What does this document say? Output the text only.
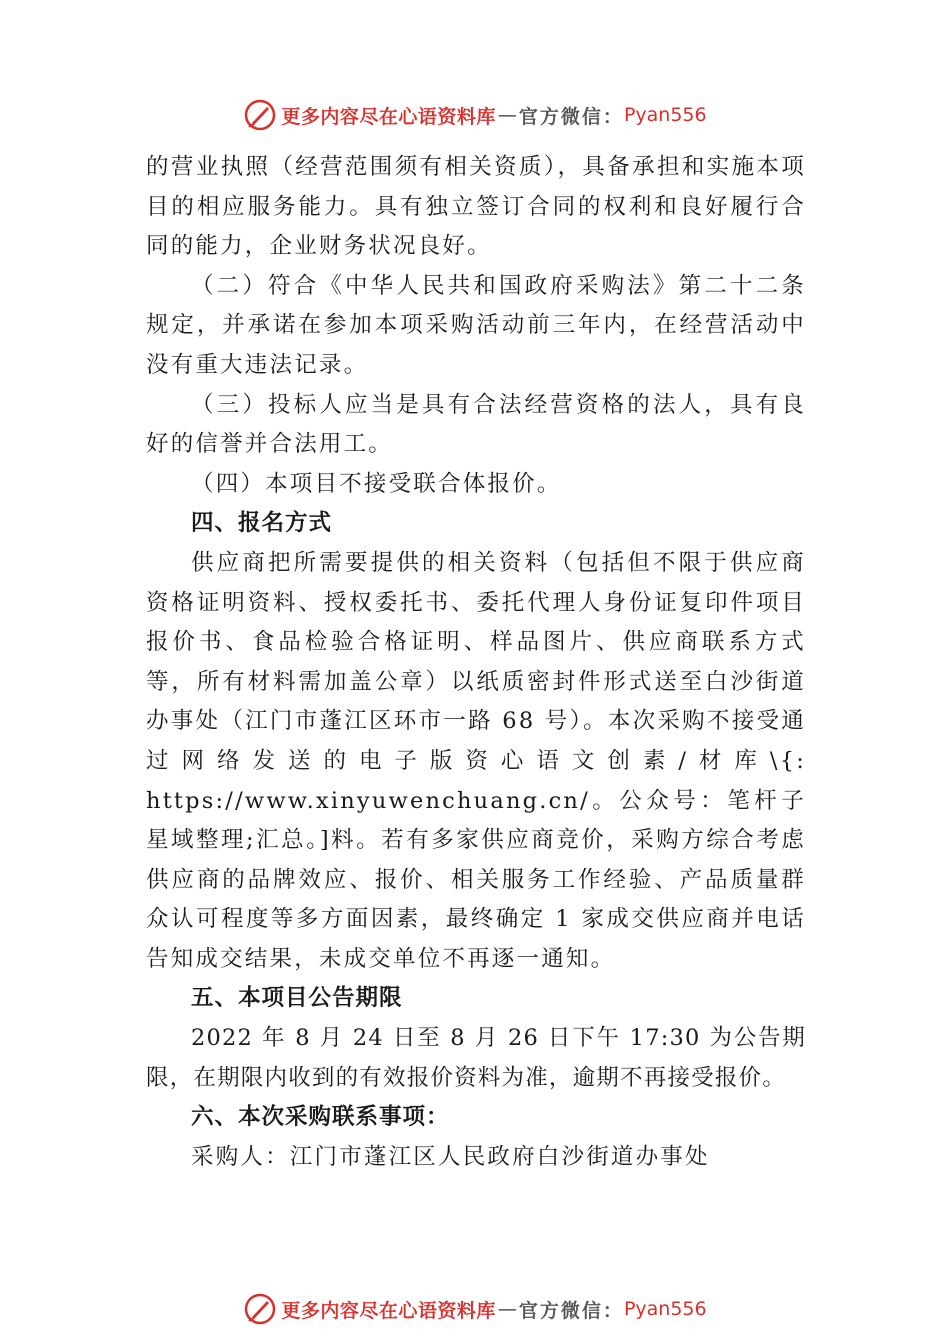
更多内容尽在心语资料库 — 官方微信： Pyan556

的营业执照（经营范围须有相关资质），具备承担和实施本项目的相应服务能力。具有独立签订合同的权利和良好履行合同的能力，企业财务状况良好。

（二）符合《中华人民共和国政府采购法》第二十二条规定，并承诺在参加本项采购活动前三年内，在经营活动中没有重大违法记录。

（三）投标人应当是具有合法经营资格的法人，具有良好的信誉并合法用工。

（四）本项目不接受联合体报价。

四、报名方式

供应商把所需要提供的相关资料（包括但不限于供应商资格证明资料、授权委托书、委托代理人身份证复印件项目报价书、食品检验合格证明、样品图片、供应商联系方式等，所有材料需加盖公章）以纸质密封件形式送至白沙街道办事处（江门市蓬江区环市一路 68 号）。本次采购不接受通过网络发送的电子版资心语文创素/材库\{: https://www.xinyuwenchuang.cn/。公众号：笔杆子星域整理;汇总。]料。若有多家供应商竞价，采购方综合考虑供应商的品牌效应、报价、相关服务工作经验、产品质量群众认可程度等多方面因素，最终确定 1 家成交供应商并电话告知成交结果，未成交单位不再逐一通知。

五、本项目公告期限

2022 年 8 月 24 日至 8 月 26 日下午 17:30 为公告期限，在期限内收到的有效报价资料为准，逾期不再接受报价。

六、本次采购联系事项：

采购人：江门市蓬江区人民政府白沙街道办事处

更多内容尽在心语资料库 — 官方微信： Pyan556
